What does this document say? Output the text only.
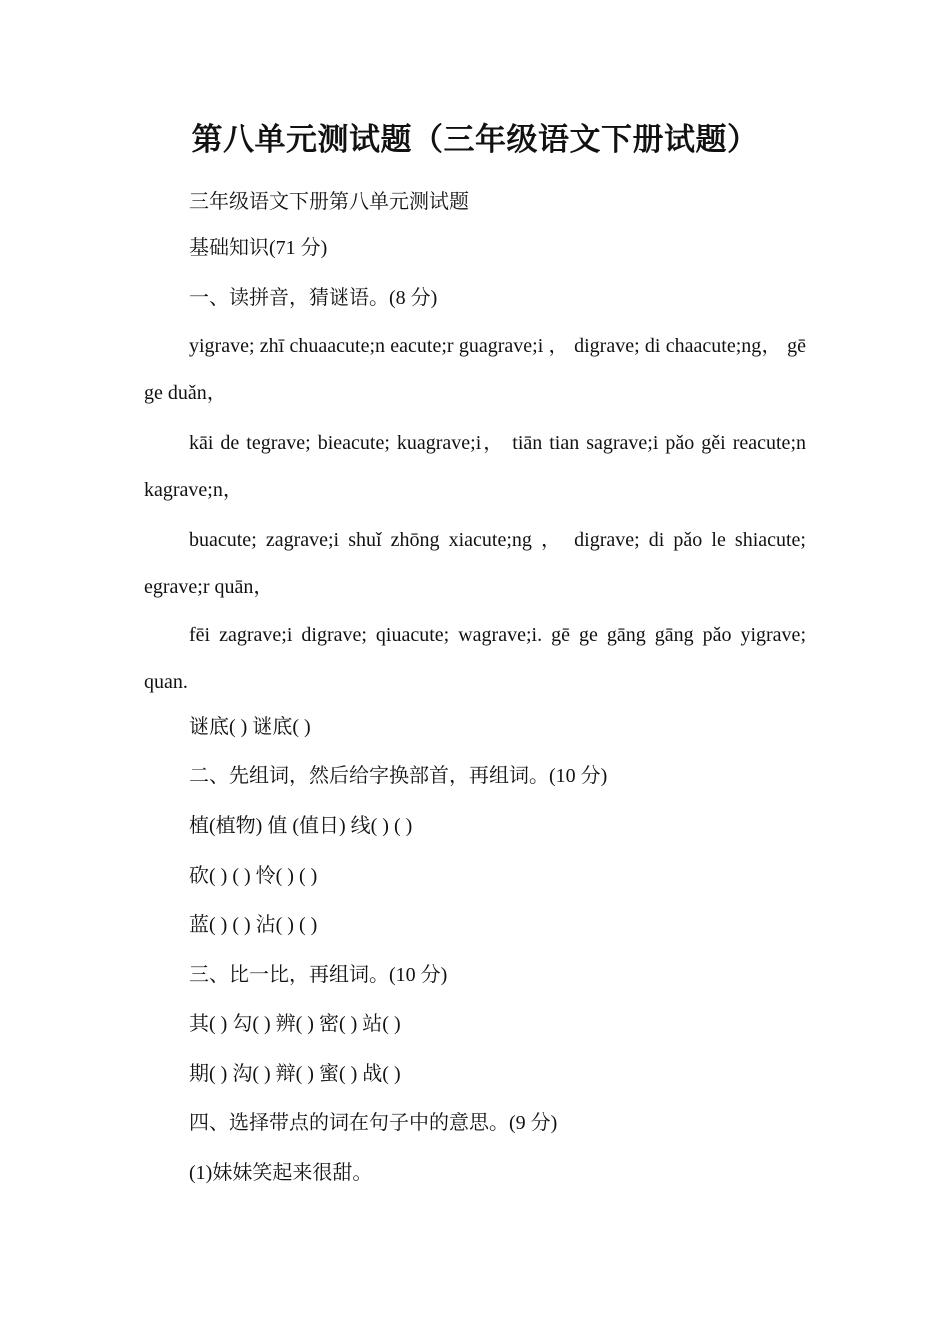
第八单元测试题（三年级语文下册试题）
三年级语文下册第八单元测试题
基础知识(71 分)
一、读拼音，猜谜语。(8 分)
yigrave; zhī chuaacute;n eacute;r guagrave;i ， digrave; di chaacute;ng， gē ge duǎn，
kāi de tegrave; bieacute; kuagrave;i， tiān tian sagrave;i pǎo gěi reacute;n kagrave;n，
buacute; zagrave;i shuǐ zhōng xiacute;ng ， digrave; di pǎo le shiacute; egrave;r quān，
fēi zagrave;i digrave; qiuacute; wagrave;i. gē ge gāng gāng pǎo yigrave; quan.
谜底( ) 谜底( )
二、先组词，然后给字换部首，再组词。(10 分)
植(植物) 值 (值日) 线( ) ( )
砍( ) ( ) 怜( ) ( )
蓝( ) ( ) 沾( ) ( )
三、比一比，再组词。(10 分)
其( ) 勾( ) 辨( ) 密( ) 站( )
期( ) 沟( ) 辩( ) 蜜( ) 战( )
四、选择带点的词在句子中的意思。(9 分)
(1)妹妹笑起来很甜。
